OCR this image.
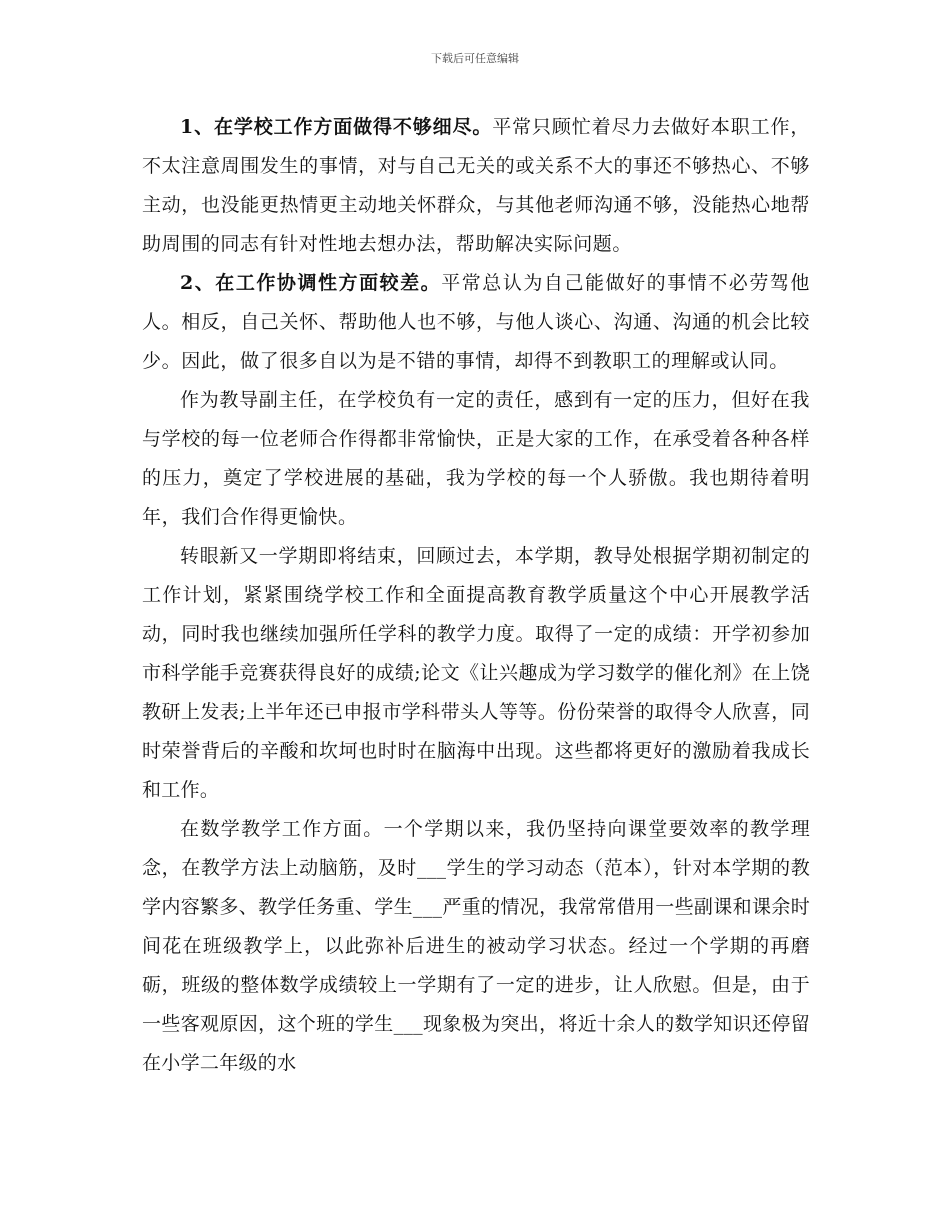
下载后可任意编辑

1、在学校工作方面做得不够细尽。平常只顾忙着尽力去做好本职工作，不太注意周围发生的事情，对与自己无关的或关系不大的事还不够热心、不够主动，也没能更热情更主动地关怀群众，与其他老师沟通不够，没能热心地帮助周围的同志有针对性地去想办法，帮助解决实际问题。

2、在工作协调性方面较差。平常总认为自己能做好的事情不必劳驾他人。相反，自己关怀、帮助他人也不够，与他人谈心、沟通、沟通的机会比较少。因此，做了很多自以为是不错的事情，却得不到教职工的理解或认同。

作为教导副主任，在学校负有一定的责任，感到有一定的压力，但好在我与学校的每一位老师合作得都非常愉快，正是大家的工作，在承受着各种各样的压力，奠定了学校进展的基础，我为学校的每一个人骄傲。我也期待着明年，我们合作得更愉快。

转眼新又一学期即将结束，回顾过去，本学期，教导处根据学期初制定的工作计划，紧紧围绕学校工作和全面提高教育教学质量这个中心开展教学活动，同时我也继续加强所任学科的教学力度。取得了一定的成绩：开学初参加市科学能手竞赛获得良好的成绩;论文《让兴趣成为学习数学的催化剂》在上饶教研上发表;上半年还已申报市学科带头人等等。份份荣誉的取得令人欣喜，同时荣誉背后的辛酸和坎坷也时时在脑海中出现。这些都将更好的激励着我成长和工作。

在数学教学工作方面。一个学期以来，我仍坚持向课堂要效率的教学理念，在教学方法上动脑筋，及时___学生的学习动态（范本），针对本学期的教学内容繁多、教学任务重、学生___严重的情况，我常常借用一些副课和课余时间花在班级教学上，以此弥补后进生的被动学习状态。经过一个学期的再磨砺，班级的整体数学成绩较上一学期有了一定的进步，让人欣慰。但是，由于一些客观原因，这个班的学生___现象极为突出，将近十余人的数学知识还停留在小学二年级的水
